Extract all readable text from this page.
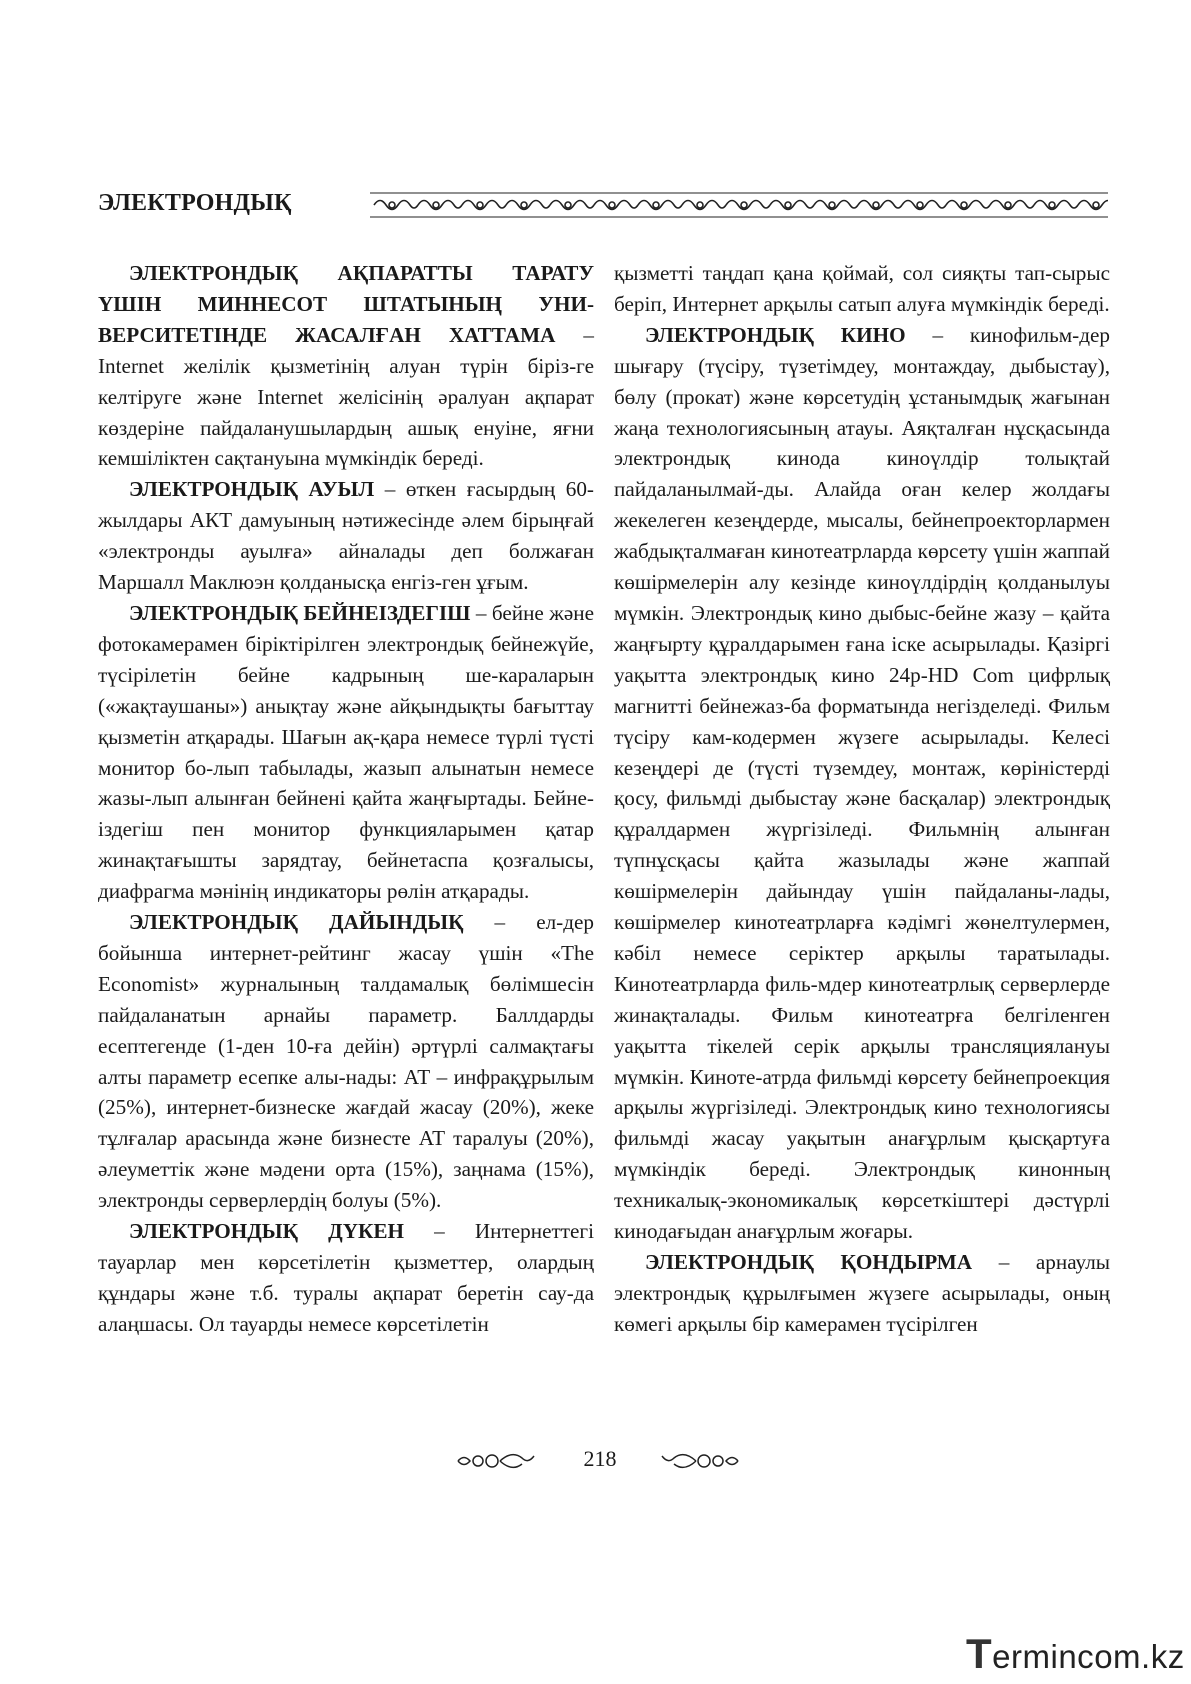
ЭЛЕКТРОНДЫҚ

ЭЛЕКТРОНДЫҚ АҚПАРАТТЫ ТАРАТУ ҮШІН МИННЕСОТ ШТАТЫНЫҢ УНИ-ВЕРСИТЕТІНДЕ ЖАСАЛҒАН ХАТТАМА – Internet желілік қызметінің алуан түрін біріз-ге келтіруге және Internet желісінің әралуан ақпарат көздеріне пайдаланушылардың ашық енуіне, яғни кемшіліктен сақтануына мүмкіндік береді.

ЭЛЕКТРОНДЫҚ АУЫЛ – өткен ғасырдың 60-жылдары АКТ дамуының нәтижесінде әлем бірыңғай «электронды ауылға» айналады деп болжаған Маршалл Маклюэн қолданысқа енгіз-ген ұғым.

ЭЛЕКТРОНДЫҚ БЕЙНЕІЗДЕГІШ – бейне және фотокамерамен біріктірілген электрондық бейнежүйе, түсірілетін бейне кадрының ше-караларын («жақтаушаны») анықтау және айқындықты бағыттау қызметін атқарады. Шағын ақ-қара немесе түрлі түсті монитор бо-лып табылады, жазып алынатын немесе жазы-лып алынған бейнені қайта жаңғыртады. Бейне-іздегіш пен монитор функцияларымен қатар жинақтағышты зарядтау, бейнетаспа қозғалысы, диафрагма мәнінің индикаторы рөлін атқарады.

ЭЛЕКТРОНДЫҚ ДАЙЫНДЫҚ – ел-дер бойынша интернет-рейтинг жасау үшін «The Economist» журналының талдамалық бөлімшесін пайдаланатын арнайы параметр. Баллдарды есептегенде (1-ден 10-ға дейін) әртүрлі салмақтағы алты параметр есепке алы-нады: АТ – инфрақұрылым (25%), интернет-бизнеске жағдай жасау (20%), жеке тұлғалар арасында және бизнесте АТ таралуы (20%), әлеуметтік және мәдени орта (15%), заңнама (15%), электронды серверлердің болуы (5%).

ЭЛЕКТРОНДЫҚ ДҮКЕН – Интернеттегі тауарлар мен көрсетілетін қызметтер, олардың құндары және т.б. туралы ақпарат беретін сау-да алаңшасы. Ол тауарды немесе көрсетілетін

қызметті таңдап қана қоймай, сол сияқты тап-сырыс беріп, Интернет арқылы сатып алуға мүмкіндік береді.

ЭЛЕКТРОНДЫҚ КИНО – кинофильм-дер шығару (түсіру, түзетімдеу, монтаждау, дыбыстау), бөлу (прокат) және көрсетудің ұстанымдық жағынан жаңа технологиясының атауы. Аяқталған нұсқасында электрондық кинода киноүлдір толықтай пайдаланылмай-ды. Алайда оған келер жолдағы жекелеген кезеңдерде, мысалы, бейнепроекторлармен жабдықталмаған кинотеатрларда көрсету үшін жаппай көшірмелерін алу кезінде киноүлдірдің қолданылуы мүмкін. Электрондық кино дыбыс-бейне жазу – қайта жаңғырту құралдарымен ғана іске асырылады. Қазіргі уақытта электрондық кино 24р-HD Com цифрлық магнитті бейнежаз-ба форматында негізделеді. Фильм түсіру кам-кодермен жүзеге асырылады. Келесі кезеңдері де (түсті түземдеу, монтаж, көріністерді қосу, фильмді дыбыстау және басқалар) электрондық құралдармен жүргізіледі. Фильмнің алынған түпнұсқасы қайта жазылады және жаппай көшірмелерін дайындау үшін пайдаланы-лады, көшірмелер кинотеатрларға кәдімгі жөнелтулермен, кәбіл немесе серіктер арқылы таратылады. Кинотеатрларда филь-мдер кинотеатрлық серверлерде жинақталады. Фильм кинотеатрға белгіленген уақытта тікелей серік арқылы трансляциялануы мүмкін. Кинотe-атрда фильмді көрсету бейнепроекция арқылы жүргізіледі. Электрондық кино технологиясы фильмді жасау уақытын анағұрлым қысқартуға мүмкіндік береді. Электрондық кинонның техникалық-экономикалық көрсеткіштері дәстүрлі кинодағыдан анағұрлым жоғары.

ЭЛЕКТРОНДЫҚ ҚОНДЫРМА – арнаулы электрондық құрылғымен жүзеге асырылады, оның көмегі арқылы бір камерамен түсірілген

218
Termincom.kz
